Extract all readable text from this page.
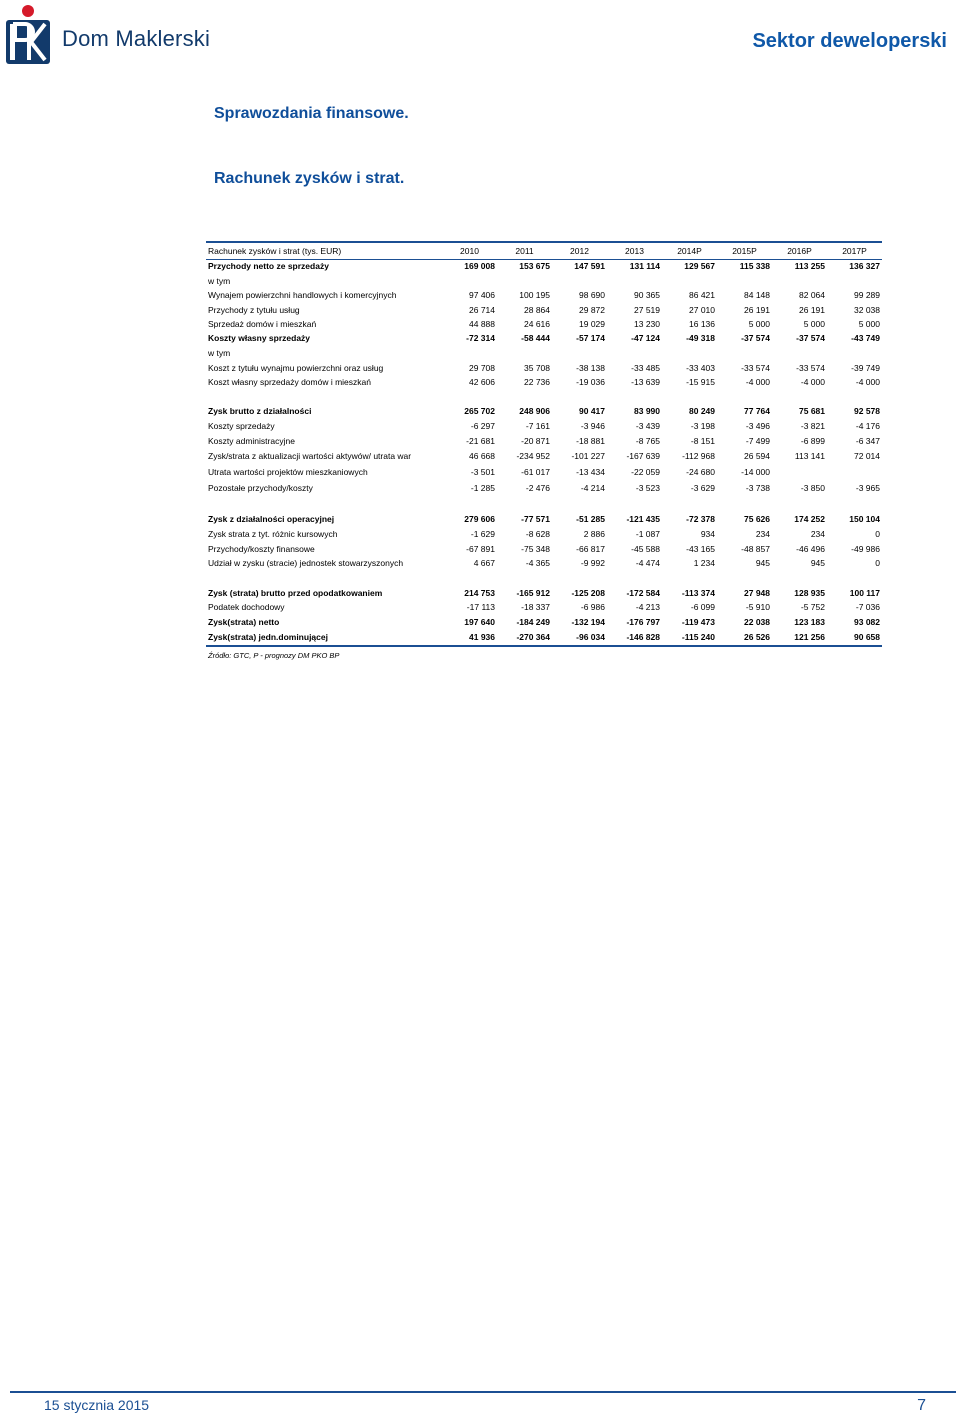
Dom Maklerski	Sektor deweloperski
Sprawozdania finansowe.
Rachunek zysków i strat.
Rachunek zysków i strat (tys. EUR)	2010	2011	2012	2013	2014P	2015P	2016P	2017P
Przychody netto ze sprzedaży	169 008	153 675	147 591	131 114	129 567	115 338	113 255	136 327
w tym								
Wynajem powierzchni handlowych i komercyjnych	97 406	100 195	98 690	90 365	86 421	84 148	82 064	99 289
Przychody z tytułu usług	26 714	28 864	29 872	27 519	27 010	26 191	26 191	32 038
Sprzedaż domów i mieszkań	44 888	24 616	19 029	13 230	16 136	5 000	5 000	5 000
Koszty własny sprzedaży	-72 314	-58 444	-57 174	-47 124	-49 318	-37 574	-37 574	-43 749
w tym								
Koszt z tytułu wynajmu powierzchni oraz usług	29 708	35 708	-38 138	-33 485	-33 403	-33 574	-33 574	-39 749
Koszt własny sprzedaży domów i mieszkań	42 606	22 736	-19 036	-13 639	-15 915	-4 000	-4 000	-4 000

Zysk brutto z działalności	265 702	248 906	90 417	83 990	80 249	77 764	75 681	92 578
Koszty sprzedaży	-6 297	-7 161	-3 946	-3 439	-3 198	-3 496	-3 821	-4 176
Koszty administracyjne	-21 681	-20 871	-18 881	-8 765	-8 151	-7 499	-6 899	-6 347
Zysk/strata z aktualizacji wartości aktywów/ utrata war	46 668	-234 952	-101 227	-167 639	-112 968	26 594	113 141	72 014
Utrata wartości projektów mieszkaniowych	-3 501	-61 017	-13 434	-22 059	-24 680	-14 000		
Pozostałe przychody/koszty	-1 285	-2 476	-4 214	-3 523	-3 629	-3 738	-3 850	-3 965

Zysk z działalności operacyjnej	279 606	-77 571	-51 285	-121 435	-72 378	75 626	174 252	150 104
Zysk strata z tyt. różnic kursowych	-1 629	-8 628	2 886	-1 087	934	234	234	0
Przychody/koszty finansowe	-67 891	-75 348	-66 817	-45 588	-43 165	-48 857	-46 496	-49 986
Udział w zysku (stracie) jednostek stowarzyszonych	4 667	-4 365	-9 992	-4 474	1 234	945	945	0

Zysk (strata) brutto przed opodatkowaniem	214 753	-165 912	-125 208	-172 584	-113 374	27 948	128 935	100 117
Podatek dochodowy	-17 113	-18 337	-6 986	-4 213	-6 099	-5 910	-5 752	-7 036
Zysk(strata) netto	197 640	-184 249	-132 194	-176 797	-119 473	22 038	123 183	93 082
Zysk(strata) jedn.dominującej	41 936	-270 364	-96 034	-146 828	-115 240	26 526	121 256	90 658
Źródło: GTC, P - prognozy DM PKO BP
15 stycznia 2015	7
